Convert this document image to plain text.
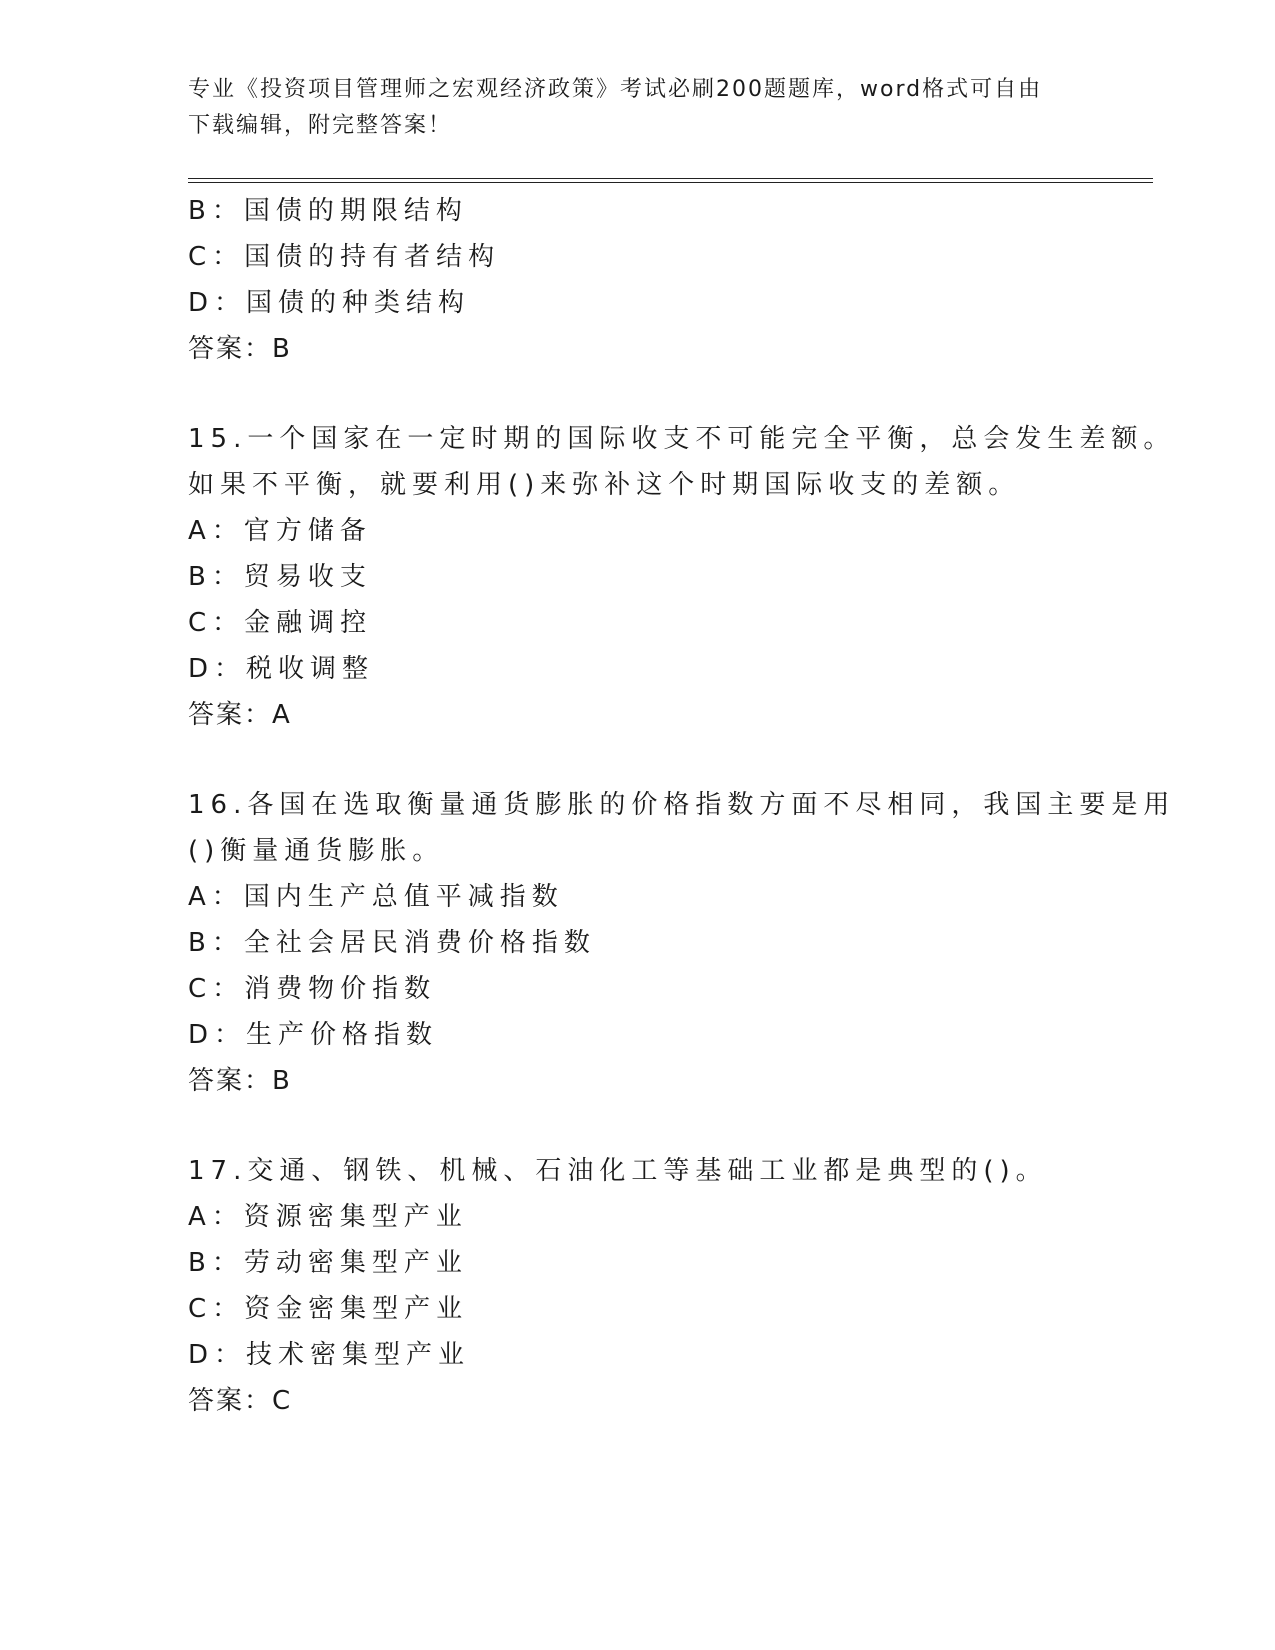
专业《投资项目管理师之宏观经济政策》考试必刷200题题库，word格式可自由
下载编辑，附完整答案！
B：国债的期限结构
C：国债的持有者结构
D：国债的种类结构
答案：B
15.一个国家在一定时期的国际收支不可能完全平衡，总会发生差额。
如果不平衡，就要利用()来弥补这个时期国际收支的差额。
A：官方储备
B：贸易收支
C：金融调控
D：税收调整
答案：A
16.各国在选取衡量通货膨胀的价格指数方面不尽相同，我国主要是用
()衡量通货膨胀。
A：国内生产总值平减指数
B：全社会居民消费价格指数
C：消费物价指数
D：生产价格指数
答案：B
17.交通、钢铁、机械、石油化工等基础工业都是典型的()。
A：资源密集型产业
B：劳动密集型产业
C：资金密集型产业
D：技术密集型产业
答案：C
